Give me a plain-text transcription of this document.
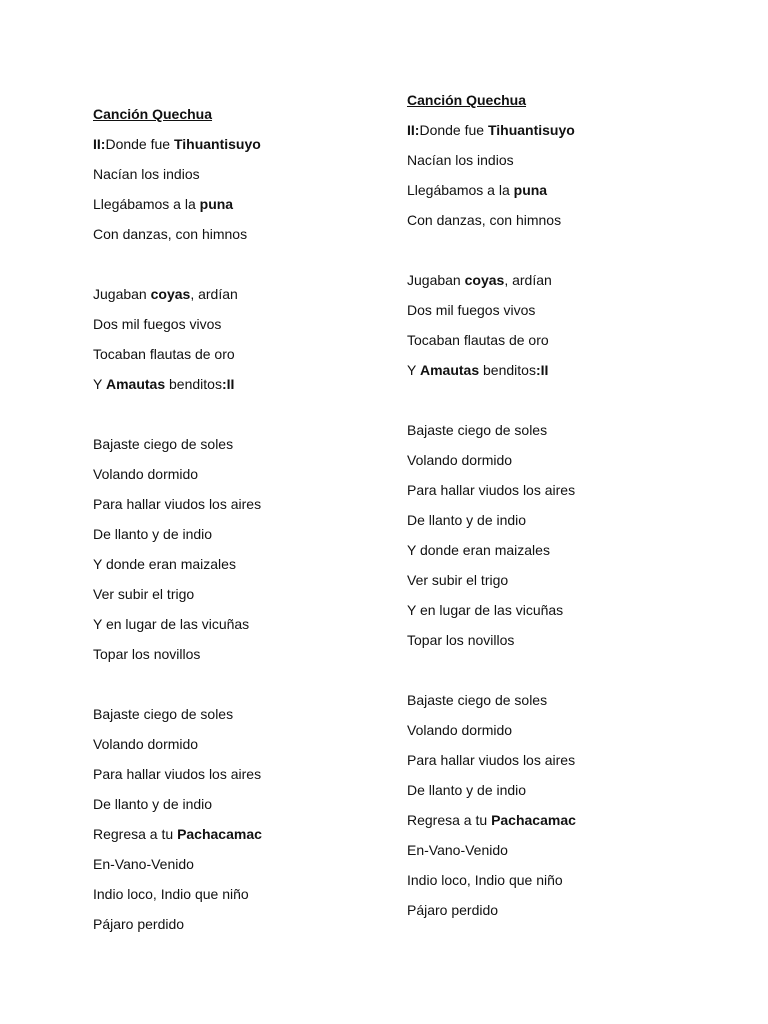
Canción Quechua
II:Donde fue Tihuantisuyo
Nacían los indios
Llegábamos a la puna
Con danzas, con himnos
Jugaban coyas, ardían
Dos mil fuegos vivos
Tocaban flautas de oro
Y Amautas benditos:II
Bajaste ciego de soles
Volando dormido
Para hallar viudos los aires
De llanto y de indio
Y donde eran maizales
Ver subir el trigo
Y en lugar de las vicuñas
Topar los novillos
Bajaste ciego de soles
Volando dormido
Para hallar viudos los aires
De llanto y de indio
Regresa a tu Pachacamac
En-Vano-Venido
Indio loco, Indio que niño
Pájaro perdido
Canción Quechua
II:Donde fue Tihuantisuyo
Nacían los indios
Llegábamos a la puna
Con danzas, con himnos
Jugaban coyas, ardían
Dos mil fuegos vivos
Tocaban flautas de oro
Y Amautas benditos:II
Bajaste ciego de soles
Volando dormido
Para hallar viudos los aires
De llanto y de indio
Y donde eran maizales
Ver subir el trigo
Y en lugar de las vicuñas
Topar los novillos
Bajaste ciego de soles
Volando dormido
Para hallar viudos los aires
De llanto y de indio
Regresa a tu Pachacamac
En-Vano-Venido
Indio loco, Indio que niño
Pájaro perdido
